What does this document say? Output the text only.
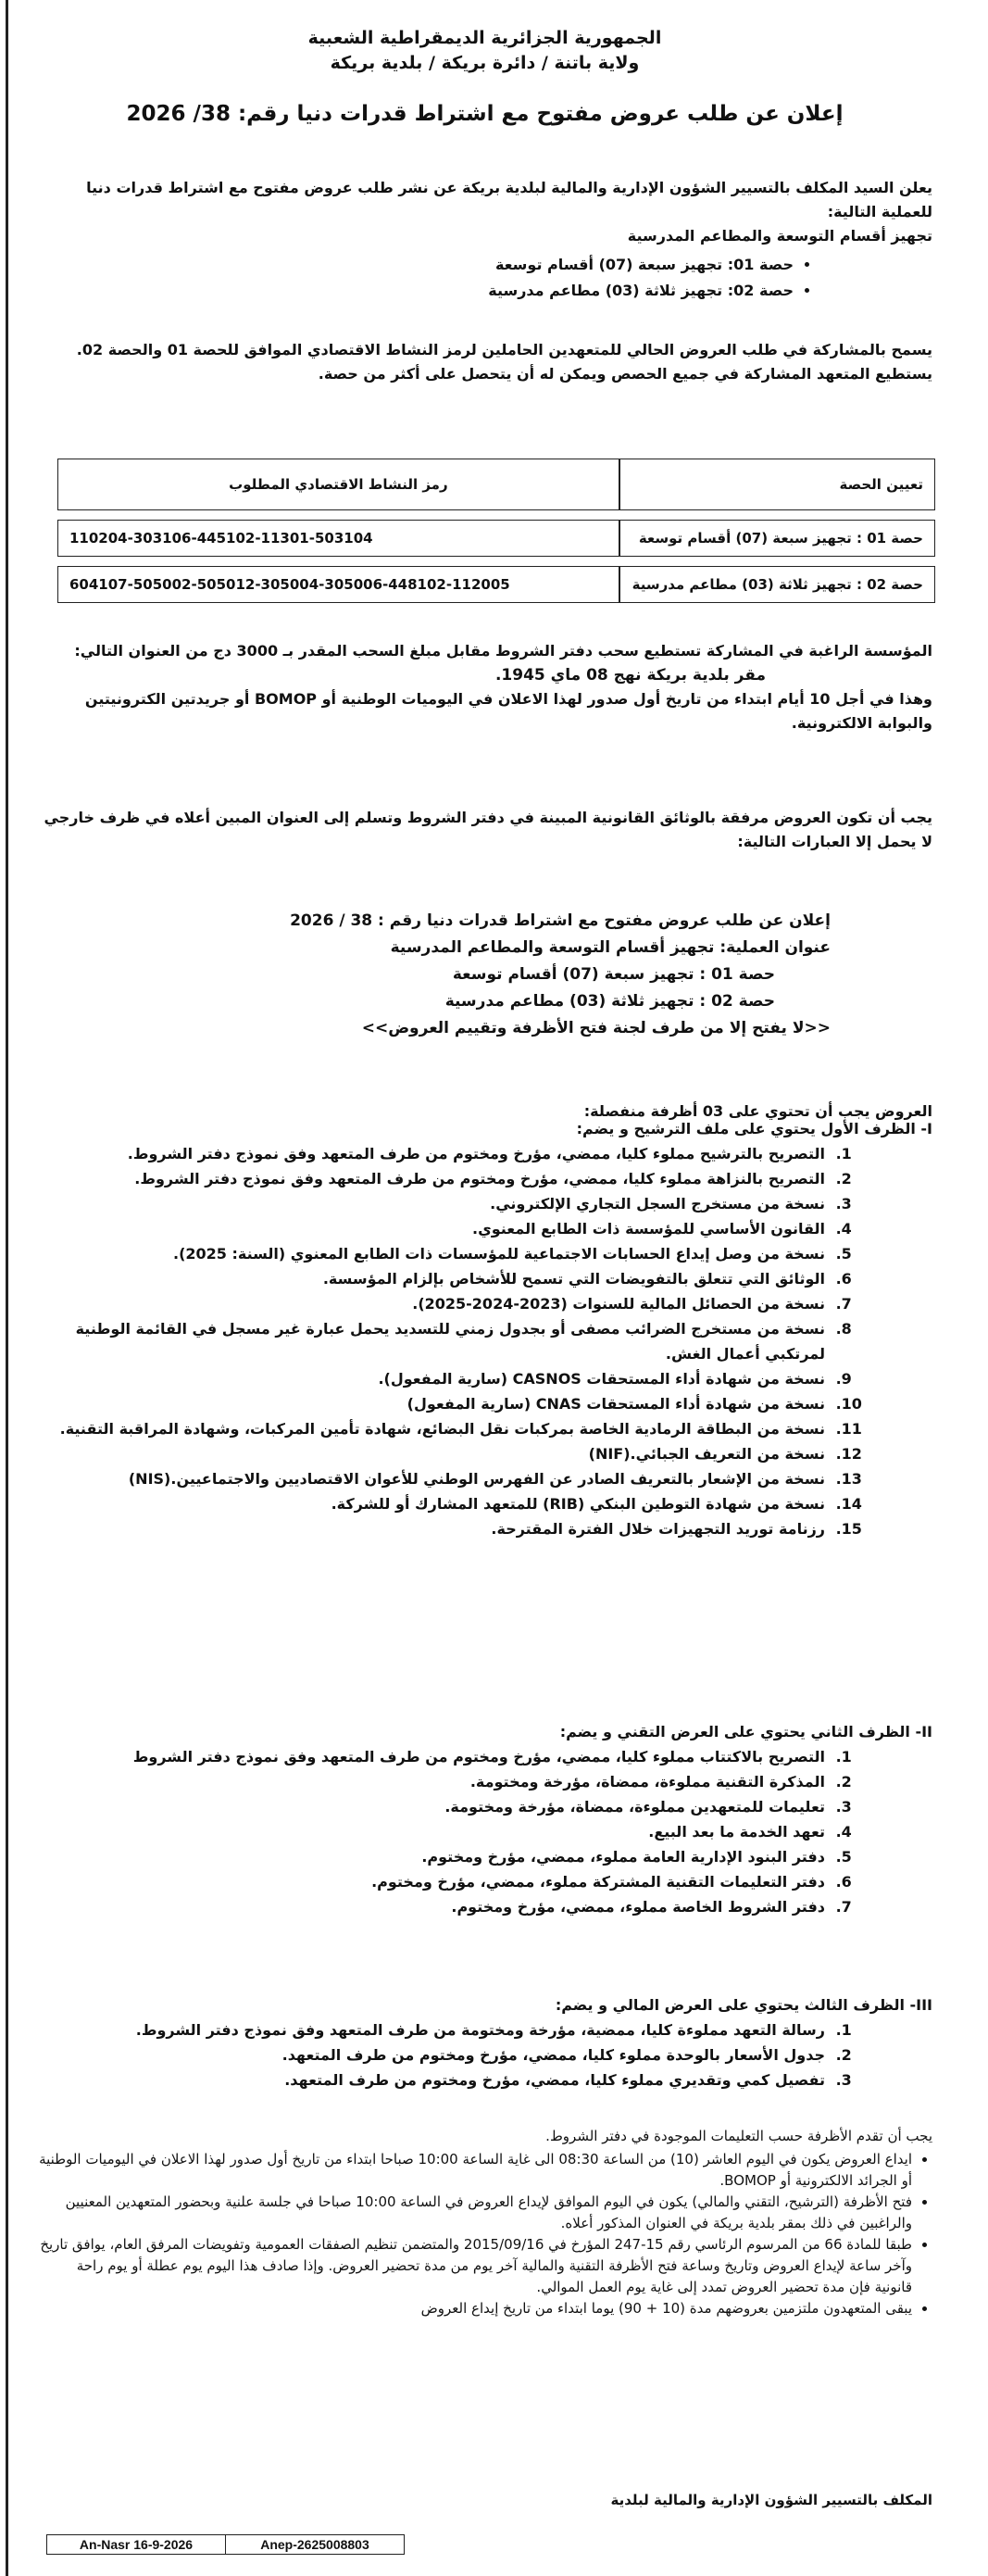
الجمهورية الجزائرية الديمقراطية الشعبية
ولاية باتنة / دائرة بريكة / بلدية بريكة
إعلان عن طلب عروض مفتوح مع اشتراط قدرات دنيا رقم: 38/ 2026

يعلن السيد المكلف بالتسيير الشؤون الإدارية والمالية لبلدية بريكة عن نشر طلب عروض مفتوح مع اشتراط قدرات دنيا للعملية التالية:

تجهيز أقسام التوسعة والمطاعم المدرسية

• حصة 01: تجهيز سبعة (07) أقسام توسعة
• حصة 02: تجهيز ثلاثة (03) مطاعم مدرسية

يسمح بالمشاركة في طلب العروض الحالي للمتعهدين الحاملين لرمز النشاط الاقتصادي الموافق للحصة 01 والحصة 02. يستطيع المتعهد المشاركة في جميع الحصص ويمكن له أن يتحصل على أكثر من حصة.

تعيين الحصة	رمز النشاط الاقتصادي المطلوب
حصة 01 : تجهيز سبعة (07) أقسام توسعة	110204-303106-445102-11301-503104
حصة 02 : تجهيز ثلاثة (03) مطاعم مدرسية	604107-505002-505012-305004-305006-448102-112005

المؤسسة الراغبة في المشاركة تستطيع سحب دفتر الشروط مقابل مبلغ السحب المقدر بـ 3000 دج من العنوان التالي:

مقر بلدية بريكة نهج 08 ماي 1945.

وهذا في أجل 10 أيام ابتداء من تاريخ أول صدور لهذا الاعلان في اليوميات الوطنية أو BOMOP أو جريدتين الكترونيتين والبوابة الالكترونية.

يجب أن تكون العروض مرفقة بالوثائق القانونية المبينة في دفتر الشروط وتسلم إلى العنوان المبين أعلاه في ظرف خارجي لا يحمل إلا العبارات التالية:

إعلان عن طلب عروض مفتوح مع اشتراط قدرات دنيا رقم : 38 / 2026
عنوان العملية: تجهيز أقسام التوسعة والمطاعم المدرسية
حصة 01 : تجهيز سبعة (07) أقسام توسعة
حصة 02 : تجهيز ثلاثة (03) مطاعم مدرسية
<<لا يفتح إلا من طرف لجنة فتح الأظرفة وتقييم العروض>>

العروض يجب أن تحتوي على 03 أظرفة منفصلة:

I- الظرف الأول يحتوي على ملف الترشيح و يضم:

1. التصريح بالترشيح مملوء كليا، ممضي، مؤرخ ومختوم من طرف المتعهد وفق نموذج دفتر الشروط.
2. التصريح بالنزاهة مملوء كليا، ممضي، مؤرخ ومختوم من طرف المتعهد وفق نموذج دفتر الشروط.
3. نسخة من مستخرج السجل التجاري الإلكتروني.
4. القانون الأساسي للمؤسسة ذات الطابع المعنوي.
5. نسخة من وصل إيداع الحسابات الاجتماعية للمؤسسات ذات الطابع المعنوي (السنة: 2025).
6. الوثائق التي تتعلق بالتفويضات التي تسمح للأشخاص بإلزام المؤسسة.
7. نسخة من الحصائل المالية للسنوات (2023-2024-2025).
8. نسخة من مستخرج الضرائب مصفى أو بجدول زمني للتسديد يحمل عبارة غير مسجل في القائمة الوطنية لمرتكبي أعمال الغش.
9. نسخة من شهادة أداء المستحقات CASNOS (سارية المفعول).
10. نسخة من شهادة أداء المستحقات CNAS (سارية المفعول)
11. نسخة من البطاقة الرمادية الخاصة بمركبات نقل البضائع، شهادة تأمين المركبات، وشهادة المراقبة التقنية.
12. نسخة من التعريف الجبائي.(NIF)
13. نسخة من الإشعار بالتعريف الصادر عن الفهرس الوطني للأعوان الاقتصاديين والاجتماعيين.(NIS)
14. نسخة من شهادة التوطين البنكي (RIB) للمتعهد المشارك أو للشركة.
15. رزنامة توريد التجهيزات خلال الفترة المقترحة.

II- الظرف الثاني يحتوي على العرض التقني و يضم:

1. التصريح بالاكتتاب مملوء كليا، ممضي، مؤرخ ومختوم من طرف المتعهد وفق نموذج دفتر الشروط
2. المذكرة التقنية مملوءة، ممضاة، مؤرخة ومختومة.
3. تعليمات للمتعهدين مملوءة، ممضاة، مؤرخة ومختومة.
4. تعهد الخدمة ما بعد البيع.
5. دفتر البنود الإدارية العامة مملوء، ممضي، مؤرخ ومختوم.
6. دفتر التعليمات التقنية المشتركة مملوء، ممضي، مؤرخ ومختوم.
7. دفتر الشروط الخاصة مملوء، ممضي، مؤرخ ومختوم.

III- الظرف الثالث يحتوي على العرض المالي و يضم:

1. رسالة التعهد مملوءة كليا، ممضية، مؤرخة ومختومة من طرف المتعهد وفق نموذج دفتر الشروط.
2. جدول الأسعار بالوحدة مملوء كليا، ممضي، مؤرخ ومختوم من طرف المتعهد.
3. تفصيل كمي وتقديري مملوء كليا، ممضي، مؤرخ ومختوم من طرف المتعهد.

يجب أن تقدم الأظرفة حسب التعليمات الموجودة في دفتر الشروط.

• ايداع العروض يكون في اليوم العاشر (10) من الساعة 08:30 الى غاية الساعة 10:00 صباحا ابتداء من تاريخ أول صدور لهذا الاعلان في اليوميات الوطنية أو الجرائد الالكترونية أو BOMOP.
• فتح الأظرفة (الترشيح، التقني والمالي) يكون في اليوم الموافق لإيداع العروض في الساعة 10:00 صباحا في جلسة علنية وبحضور المتعهدين المعنيين والراغبين في ذلك بمقر بلدية بريكة في العنوان المذكور أعلاه.
• طبقا للمادة 66 من المرسوم الرئاسي رقم 15-247 المؤرخ في 2015/09/16 والمتضمن تنظيم الصفقات العمومية وتفويضات المرفق العام، يوافق تاريخ وآخر ساعة لإيداع العروض وتاريخ وساعة فتح الأظرفة التقنية والمالية آخر يوم من مدة تحضير العروض. وإذا صادف هذا اليوم يوم عطلة أو يوم راحة قانونية فإن مدة تحضير العروض تمدد إلى غاية يوم العمل الموالي.
• يبقى المتعهدون ملتزمين بعروضهم مدة (10 + 90) يوما ابتداء من تاريخ إيداع العروض
المكلف بالتسيير الشؤون الإدارية والمالية لبلدية
An-Nasr 16-9-2026	Anep-2625008803
